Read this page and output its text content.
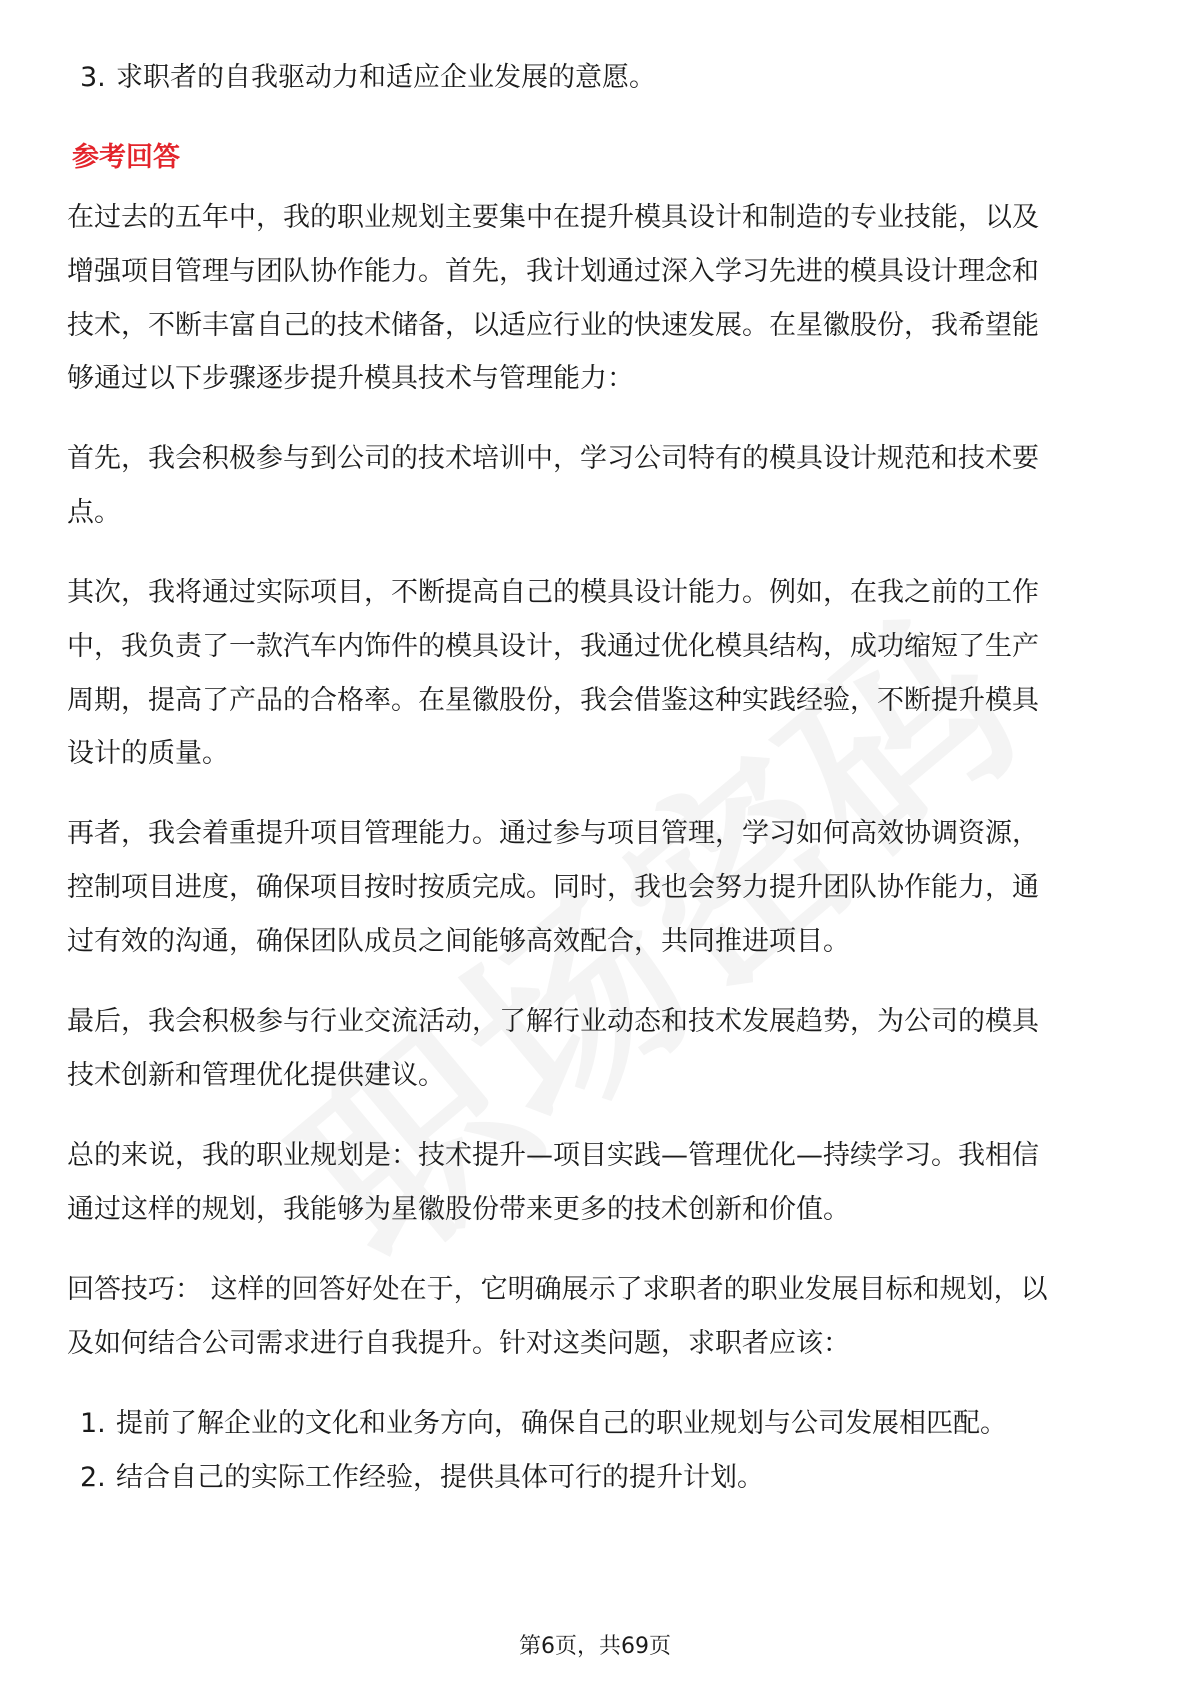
3. 求职者的自我驱动力和适应企业发展的意愿。
参考回答

在过去的五年中，我的职业规划主要集中在提升模具设计和制造的专业技能，以及

增强项目管理与团队协作能力。首先，我计划通过深入学习先进的模具设计理念和

技术，不断丰富自己的技术储备，以适应行业的快速发展。在星徽股份，我希望能

够通过以下步骤逐步提升模具技术与管理能力：

首先，我会积极参与到公司的技术培训中，学习公司特有的模具设计规范和技术要

点。

其次，我将通过实际项目，不断提高自己的模具设计能力。例如，在我之前的工作

中，我负责了一款汽车内饰件的模具设计，我通过优化模具结构，成功缩短了生产

周期，提高了产品的合格率。在星徽股份，我会借鉴这种实践经验，不断提升模具

设计的质量。

再者，我会着重提升项目管理能力。通过参与项目管理，学习如何高效协调资源，

控制项目进度，确保项目按时按质完成。同时，我也会努力提升团队协作能力，通

过有效的沟通，确保团队成员之间能够高效配合，共同推进项目。

最后，我会积极参与行业交流活动，了解行业动态和技术发展趋势，为公司的模具

技术创新和管理优化提供建议。

总的来说，我的职业规划是：技术提升—项目实践—管理优化—持续学习。我相信

通过这样的规划，我能够为星徽股份带来更多的技术创新和价值。

回答技巧： 这样的回答好处在于，它明确展示了求职者的职业发展目标和规划，以

及如何结合公司需求进行自我提升。针对这类问题，求职者应该：

1. 提前了解企业的文化和业务方向，确保自己的职业规划与公司发展相匹配。
2. 结合自己的实际工作经验，提供具体可行的提升计划。
第6页，共69页
